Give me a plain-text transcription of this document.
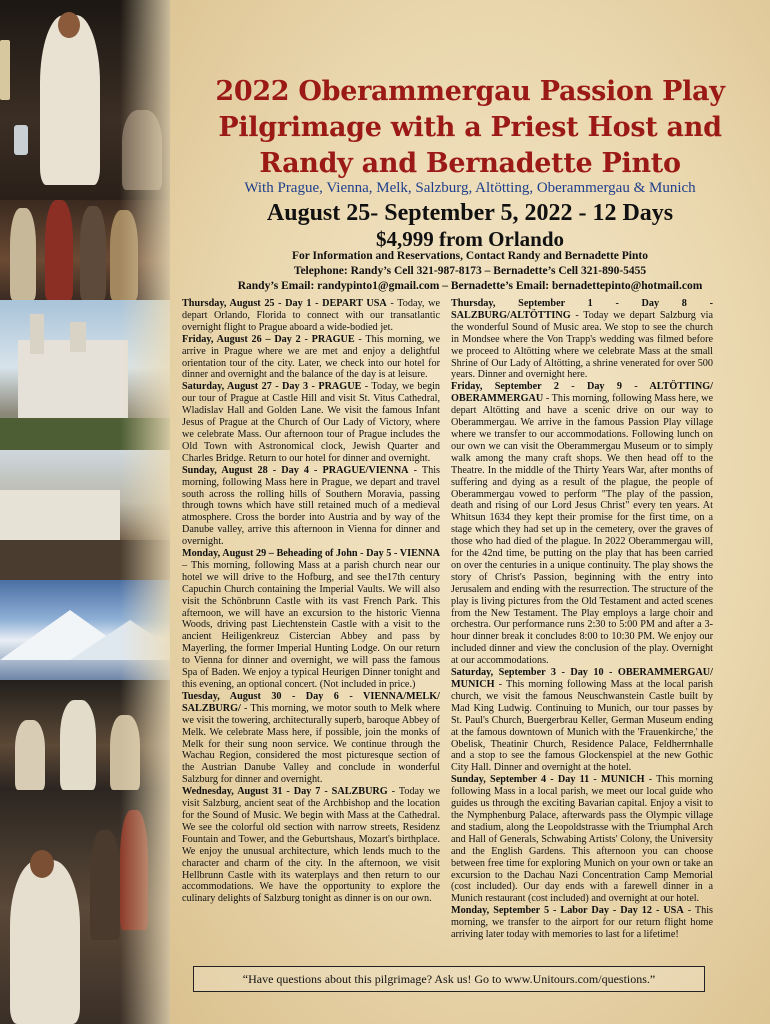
2022 Oberammergau Passion Play
Pilgrimage with a Priest Host and
Randy and Bernadette Pinto
With Prague, Vienna, Melk, Salzburg, Altötting, Oberammergau & Munich
August 25- September 5, 2022 - 12 Days
$4,999 from Orlando
For Information and Reservations, Contact Randy and Bernadette Pinto
Telephone: Randy’s Cell 321-987-8173 – Bernadette’s Cell 321-890-5455
Randy’s Email: randypinto1@gmail.com – Bernadette’s Email: bernadettepinto@hotmail.com

Thursday, August 25 - Day 1 - DEPART USA - Today, we depart Orlando, Florida to connect with our transatlantic overnight flight to Prague aboard a wide-bodied jet.

Friday, August 26 – Day 2 - PRAGUE - This morning, we arrive in Prague where we are met and enjoy a delightful orientation tour of the city. Later, we check into our hotel for dinner and overnight and the balance of the day is at leisure.

Saturday, August 27 - Day 3 - PRAGUE - Today, we begin our tour of Prague at Castle Hill and visit St. Vitus Cathedral, Wladislav Hall and Golden Lane. We visit the famous Infant Jesus of Prague at the Church of Our Lady of Victory, where we celebrate Mass. Our afternoon tour of Prague includes the Old Town with Astronomical clock, Jewish Quarter and Charles Bridge. Return to our hotel for dinner and overnight.

Sunday, August 28 - Day 4 - PRAGUE/VIENNA - This morning, following Mass here in Prague, we depart and travel south across the rolling hills of Southern Moravia, passing through towns which have still retained much of a medieval atmosphere. Cross the border into Austria and by way of the Danube valley, arrive this afternoon in Vienna for dinner and overnight.

Monday, August 29 – Beheading of John - Day 5 - VIENNA – This morning, following Mass at a parish church near our hotel we will drive to the Hofburg, and see the17th century Capuchin Church containing the Imperial Vaults. We will also visit the Schönbrunn Castle with its vast French Park. This afternoon, we will have an excursion to the historic Vienna Woods, driving past Liechtenstein Castle with a visit to the ancient Heiligenkreuz Cistercian Abbey and pass by Mayerling, the former Imperial Hunting Lodge. On our return to Vienna for dinner and overnight, we will pass the famous Spa of Baden. We enjoy a typical Heurigen Dinner tonight and this evening, an optional concert. (Not included in price.)

Tuesday, August 30 - Day 6 - VIENNA/MELK/ SALZBURG/ - This morning, we motor south to Melk where we visit the towering, architecturally superb, baroque Abbey of Melk. We celebrate Mass here, if possible, join the monks of Melk for their sung noon service. We continue through the Wachau Region, considered the most picturesque section of the Austrian Danube Valley and conclude in wonderful Salzburg for dinner and overnight.

Wednesday, August 31 - Day 7 - SALZBURG - Today we visit Salzburg, ancient seat of the Archbishop and the location for the Sound of Music. We begin with Mass at the Cathedral. We see the colorful old section with narrow streets, Residenz Fountain and Tower, and the Geburtshaus, Mozart's birthplace. We enjoy the unusual architecture, which lends much to the character and charm of the city. In the afternoon, we visit Hellbrunn Castle with its waterplays and then return to our accommodations. We have the opportunity to explore the culinary delights of Salzburg tonight as dinner is on our own.

Thursday, September 1 - Day 8 - SALZBURG/ALTÖTTING - Today we depart Salzburg via the wonderful Sound of Music area. We stop to see the church in Mondsee where the Von Trapp's wedding was filmed before we proceed to Altötting where we celebrate Mass at the small Shrine of Our Lady of Altötting, a shrine venerated for over 500 years. Dinner and overnight here.

Friday, September 2 - Day 9 - ALTÖTTING/ OBERAMMERGAU - This morning, following Mass here, we depart Altötting and have a scenic drive on our way to Oberammergau. We arrive in the famous Passion Play village where we transfer to our accommodations. Following lunch on our own we can visit the Oberammergau Museum or to simply walk among the many craft shops. We then head off to the Theatre. In the middle of the Thirty Years War, after months of suffering and dying as a result of the plague, the people of Oberammergau vowed to perform "The play of the passion, death and rising of our Lord Jesus Christ" every ten years. At Whitsun 1634 they kept their promise for the first time, on a stage which they had set up in the cemetery, over the graves of those who had died of the plague. In 2022 Oberammergau will, for the 42nd time, be putting on the play that has been carried on over the centuries in a unique continuity. The play shows the story of Christ's Passion, beginning with the entry into Jerusalem and ending with the resurrection. The structure of the play is living pictures from the Old Testament and acted scenes from the New Testament. The Play employs a large choir and orchestra. Our performance runs 2:30 to 5:00 PM and after a 3-hour dinner break it concludes 8:00 to 10:30 PM. We enjoy our included dinner and view the conclusion of the play. Overnight at our accommodations.

Saturday, September 3 - Day 10 - OBERAMMERGAU/ MUNICH - This morning following Mass at the local parish church, we visit the famous Neuschwanstein Castle built by Mad King Ludwig. Continuing to Munich, our tour passes by St. Paul's Church, Buergerbrau Keller, German Museum ending at the famous downtown of Munich with the 'Frauenkirche,' the Obelisk, Theatinir Church, Residence Palace, Feldherrnhalle and a stop to see the famous Glockenspiel at the new Gothic City Hall. Dinner and overnight at the hotel.

Sunday, September 4 - Day 11 - MUNICH - This morning following Mass in a local parish, we meet our local guide who guides us through the exciting Bavarian capital. Enjoy a visit to the Nymphenburg Palace, afterwards pass the Olympic village and stadium, along the Leopoldstrasse with the Triumphal Arch and Hall of Generals, Schwabing Artists' Colony, the University and the English Gardens. This afternoon you can choose between free time for exploring Munich on your own or take an excursion to the Dachau Nazi Concentration Camp Memorial (cost included). Our day ends with a farewell dinner in a Munich restaurant (cost included) and overnight at our hotel.

Monday, September 5 - Labor Day - Day 12 - USA - This morning, we transfer to the airport for our return flight home arriving later today with memories to last for a lifetime!

“Have questions about this pilgrimage? Ask us! Go to www.Unitours.com/questions.”
